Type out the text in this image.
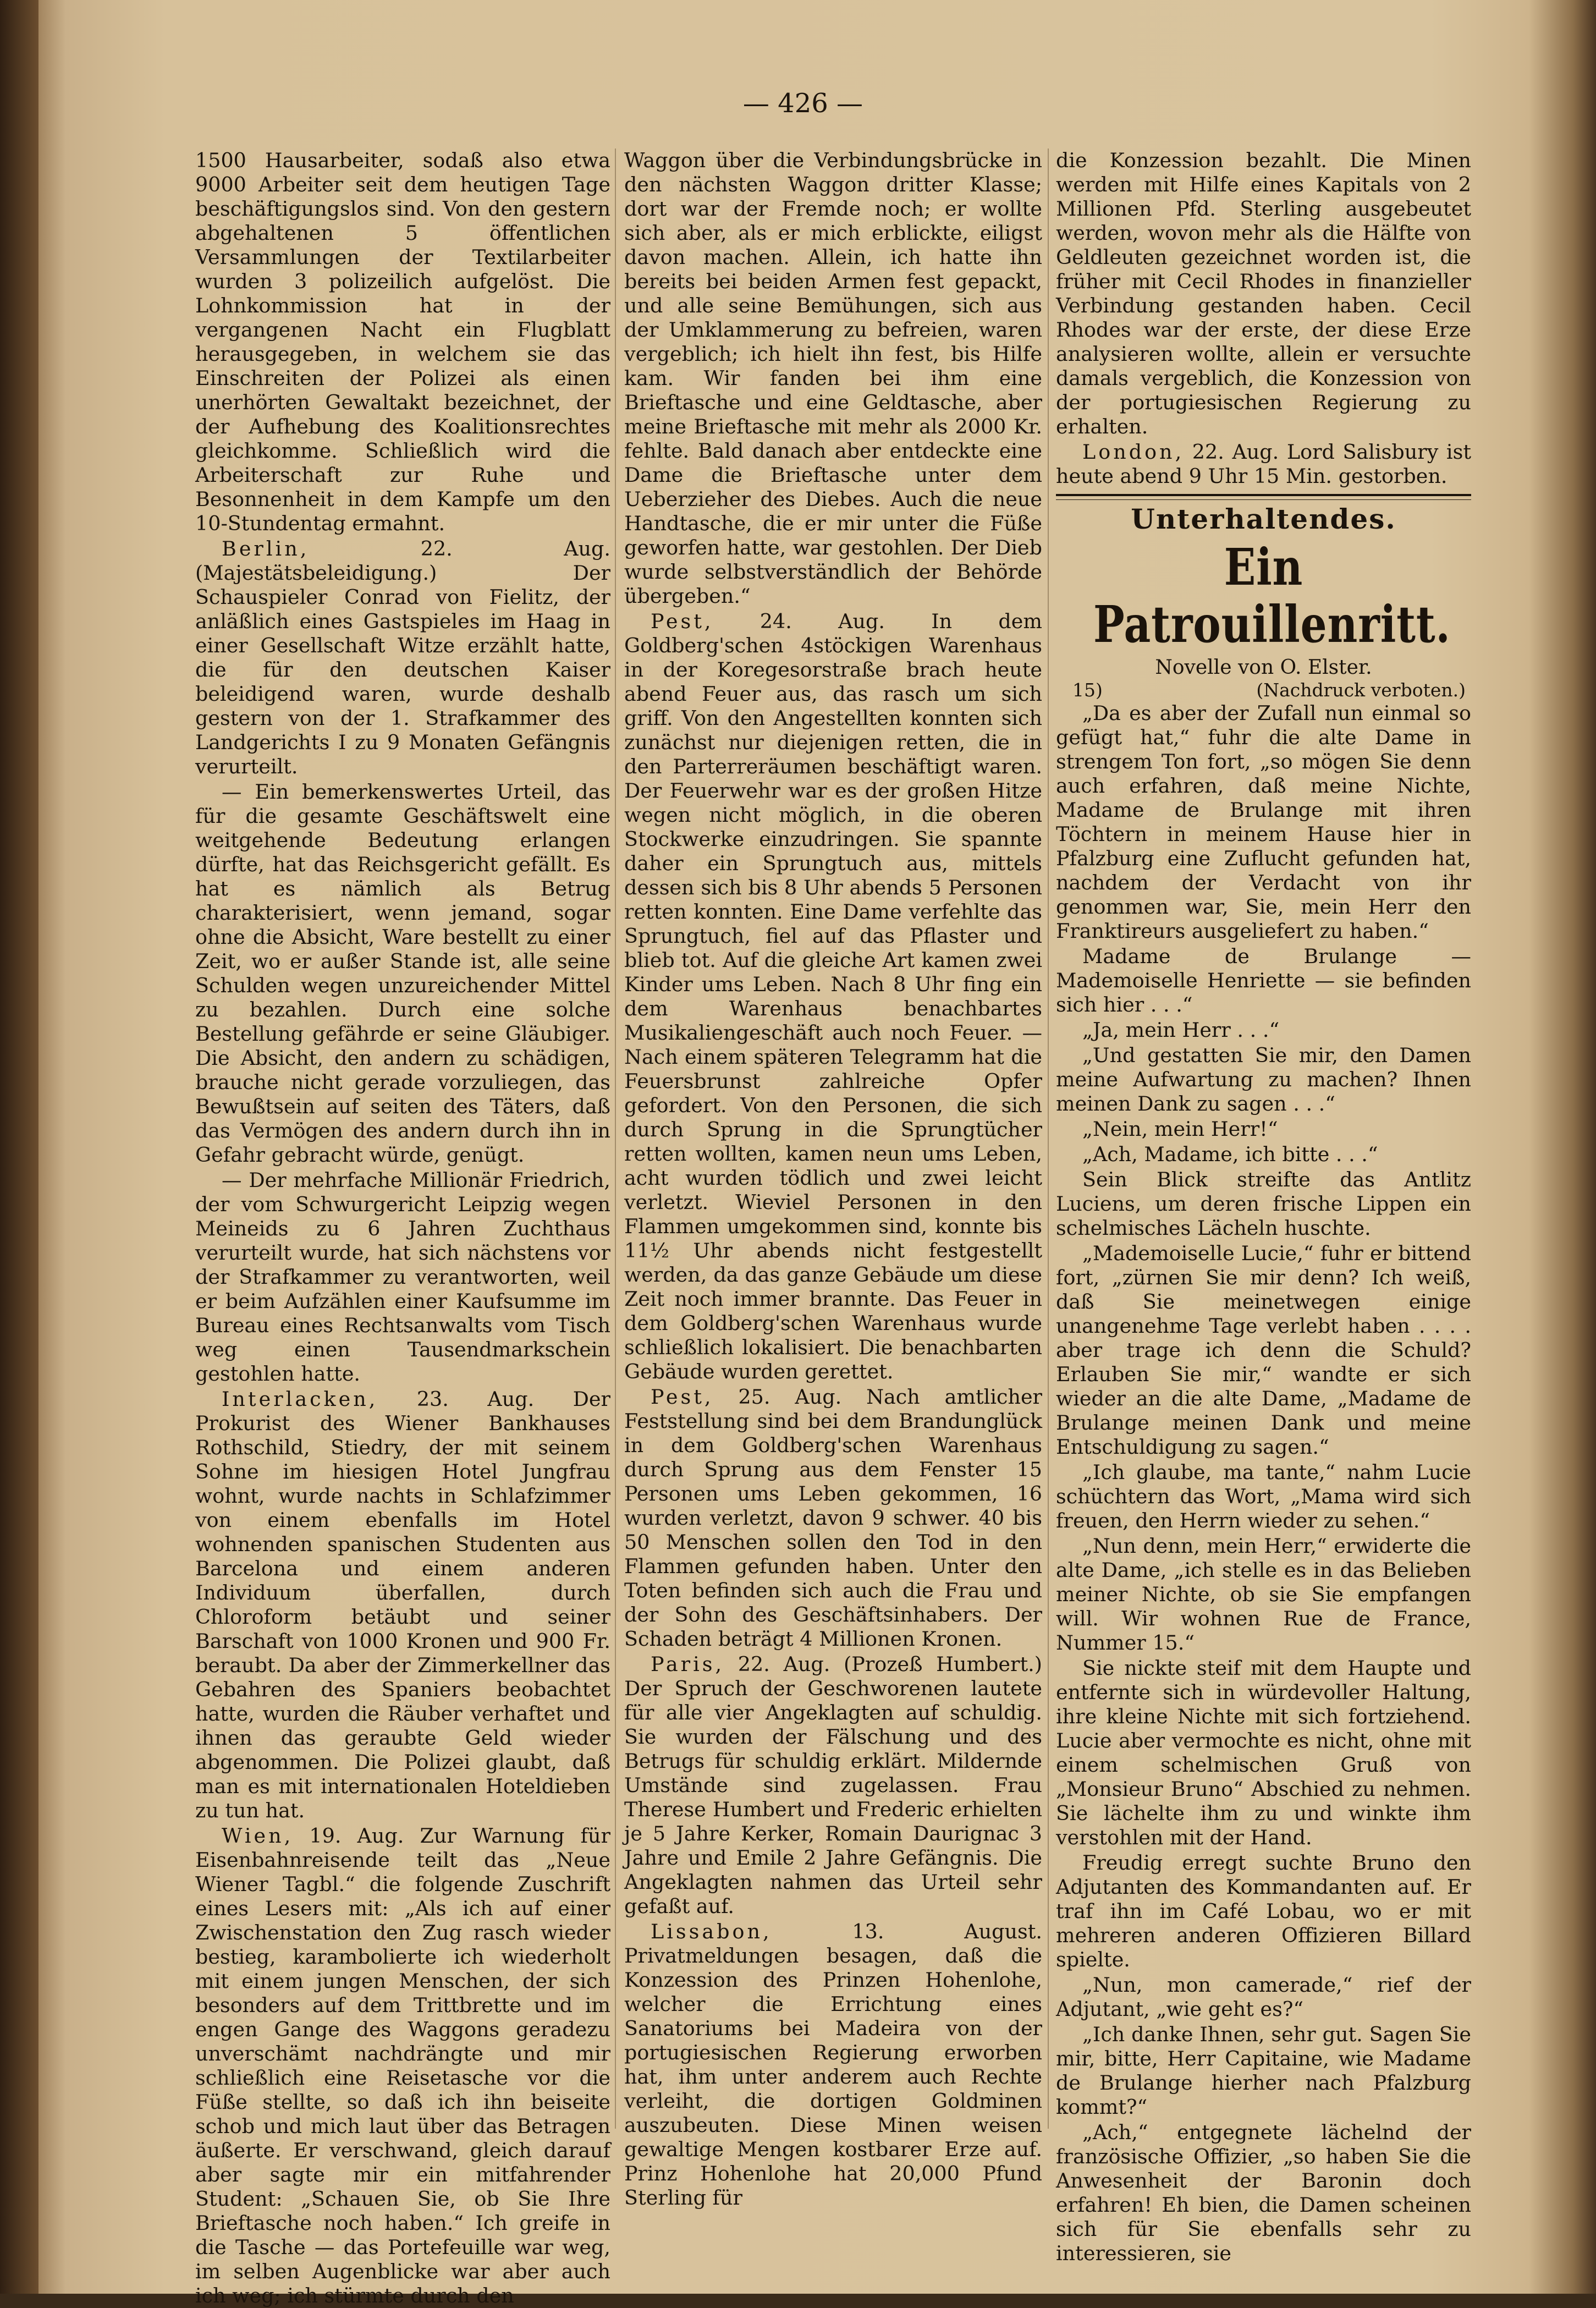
— 426 —

1500 Hausarbeiter, sodaß also etwa 9000 Arbeiter seit dem heutigen Tage beschäftigungslos sind. Von den gestern abgehaltenen 5 öffentlichen Versammlungen der Textilarbeiter wurden 3 polizeilich aufgelöst. Die Lohnkommission hat in der vergangenen Nacht ein Flugblatt herausgegeben, in welchem sie das Einschreiten der Polizei als einen unerhörten Gewaltakt bezeichnet, der der Aufhebung des Koalitionsrechtes gleichkomme. Schließlich wird die Arbeiterschaft zur Ruhe und Besonnenheit in dem Kampfe um den 10-Stundentag ermahnt.

Berlin, 22. Aug. (Majestätsbeleidigung.) Der Schauspieler Conrad von Fielitz, der anläßlich eines Gastspieles im Haag in einer Gesellschaft Witze erzählt hatte, die für den deutschen Kaiser beleidigend waren, wurde deshalb gestern von der 1. Strafkammer des Landgerichts I zu 9 Monaten Gefängnis verurteilt.

— Ein bemerkenswertes Urteil, das für die gesamte Geschäftswelt eine weitgehende Bedeutung erlangen dürfte, hat das Reichsgericht gefällt. Es hat es nämlich als Betrug charakterisiert, wenn jemand, sogar ohne die Absicht, Ware bestellt zu einer Zeit, wo er außer Stande ist, alle seine Schulden wegen unzureichender Mittel zu bezahlen. Durch eine solche Bestellung gefährde er seine Gläubiger. Die Absicht, den andern zu schädigen, brauche nicht gerade vorzuliegen, das Bewußtsein auf seiten des Täters, daß das Vermögen des andern durch ihn in Gefahr gebracht würde, genügt.

— Der mehrfache Millionär Friedrich, der vom Schwurgericht Leipzig wegen Meineids zu 6 Jahren Zuchthaus verurteilt wurde, hat sich nächstens vor der Strafkammer zu verantworten, weil er beim Aufzählen einer Kaufsumme im Bureau eines Rechtsanwalts vom Tisch weg einen Tausendmarkschein gestohlen hatte.

Interlacken, 23. Aug. Der Prokurist des Wiener Bankhauses Rothschild, Stiedry, der mit seinem Sohne im hiesigen Hotel Jungfrau wohnt, wurde nachts in Schlafzimmer von einem ebenfalls im Hotel wohnenden spanischen Studenten aus Barcelona und einem anderen Individuum überfallen, durch Chloroform betäubt und seiner Barschaft von 1000 Kronen und 900 Fr. beraubt. Da aber der Zimmerkellner das Gebahren des Spaniers beobachtet hatte, wurden die Räuber verhaftet und ihnen das geraubte Geld wieder abgenommen. Die Polizei glaubt, daß man es mit internationalen Hoteldieben zu tun hat.

Wien, 19. Aug. Zur Warnung für Eisenbahnreisende teilt das „Neue Wiener Tagbl.“ die folgende Zuschrift eines Lesers mit: „Als ich auf einer Zwischenstation den Zug rasch wieder bestieg, karambolierte ich wiederholt mit einem jungen Menschen, der sich besonders auf dem Trittbrette und im engen Gange des Waggons geradezu unverschämt nachdrängte und mir schließlich eine Reisetasche vor die Füße stellte, so daß ich ihn beiseite schob und mich laut über das Betragen äußerte. Er verschwand, gleich darauf aber sagte mir ein mitfahrender Student: „Schauen Sie, ob Sie Ihre Brieftasche noch haben.“ Ich greife in die Tasche — das Portefeuille war weg, im selben Augenblicke war aber auch ich weg; ich stürmte durch den

Waggon über die Verbindungsbrücke in den nächsten Waggon dritter Klasse; dort war der Fremde noch; er wollte sich aber, als er mich erblickte, eiligst davon machen. Allein, ich hatte ihn bereits bei beiden Armen fest gepackt, und alle seine Bemühungen, sich aus der Umklammerung zu befreien, waren vergeblich; ich hielt ihn fest, bis Hilfe kam. Wir fanden bei ihm eine Brieftasche und eine Geldtasche, aber meine Brieftasche mit mehr als 2000 Kr. fehlte. Bald danach aber entdeckte eine Dame die Brieftasche unter dem Ueberzieher des Diebes. Auch die neue Handtasche, die er mir unter die Füße geworfen hatte, war gestohlen. Der Dieb wurde selbstverständlich der Behörde übergeben.“

Pest, 24. Aug. In dem Goldberg'schen 4stöckigen Warenhaus in der Koregesorstraße brach heute abend Feuer aus, das rasch um sich griff. Von den Angestellten konnten sich zunächst nur diejenigen retten, die in den Parterreräumen beschäftigt waren. Der Feuerwehr war es der großen Hitze wegen nicht möglich, in die oberen Stockwerke einzudringen. Sie spannte daher ein Sprungtuch aus, mittels dessen sich bis 8 Uhr abends 5 Personen retten konnten. Eine Dame verfehlte das Sprungtuch, fiel auf das Pflaster und blieb tot. Auf die gleiche Art kamen zwei Kinder ums Leben. Nach 8 Uhr fing ein dem Warenhaus benachbartes Musikaliengeschäft auch noch Feuer. — Nach einem späteren Telegramm hat die Feuersbrunst zahlreiche Opfer gefordert. Von den Personen, die sich durch Sprung in die Sprungtücher retten wollten, kamen neun ums Leben, acht wurden tödlich und zwei leicht verletzt. Wieviel Personen in den Flammen umgekommen sind, konnte bis 11½ Uhr abends nicht festgestellt werden, da das ganze Gebäude um diese Zeit noch immer brannte. Das Feuer in dem Goldberg'schen Warenhaus wurde schließlich lokalisiert. Die benachbarten Gebäude wurden gerettet.

Pest, 25. Aug. Nach amtlicher Feststellung sind bei dem Brandunglück in dem Goldberg'schen Warenhaus durch Sprung aus dem Fenster 15 Personen ums Leben gekommen, 16 wurden verletzt, davon 9 schwer. 40 bis 50 Menschen sollen den Tod in den Flammen gefunden haben. Unter den Toten befinden sich auch die Frau und der Sohn des Geschäftsinhabers. Der Schaden beträgt 4 Millionen Kronen.

Paris, 22. Aug. (Prozeß Humbert.) Der Spruch der Geschworenen lautete für alle vier Angeklagten auf schuldig. Sie wurden der Fälschung und des Betrugs für schuldig erklärt. Mildernde Umstände sind zugelassen. Frau Therese Humbert und Frederic erhielten je 5 Jahre Kerker, Romain Daurignac 3 Jahre und Emile 2 Jahre Gefängnis. Die Angeklagten nahmen das Urteil sehr gefaßt auf.

Lissabon, 13. August. Privatmeldungen besagen, daß die Konzession des Prinzen Hohenlohe, welcher die Errichtung eines Sanatoriums bei Madeira von der portugiesischen Regierung erworben hat, ihm unter anderem auch Rechte verleiht, die dortigen Goldminen auszubeuten. Diese Minen weisen gewaltige Mengen kostbarer Erze auf. Prinz Hohenlohe hat 20,000 Pfund Sterling für

die Konzession bezahlt. Die Minen werden mit Hilfe eines Kapitals von 2 Millionen Pfd. Sterling ausgebeutet werden, wovon mehr als die Hälfte von Geldleuten gezeichnet worden ist, die früher mit Cecil Rhodes in finanzieller Verbindung gestanden haben. Cecil Rhodes war der erste, der diese Erze analysieren wollte, allein er versuchte damals vergeblich, die Konzession von der portugiesischen Regierung zu erhalten.

London, 22. Aug. Lord Salisbury ist heute abend 9 Uhr 15 Min. gestorben.

Unterhaltendes.
Ein Patrouillenritt.
Novelle von O. Elster.
15)	(Nachdruck verboten.)

„Da es aber der Zufall nun einmal so gefügt hat,“ fuhr die alte Dame in strengem Ton fort, „so mögen Sie denn auch erfahren, daß meine Nichte, Madame de Brulange mit ihren Töchtern in meinem Hause hier in Pfalzburg eine Zuflucht gefunden hat, nachdem der Verdacht von ihr genommen war, Sie, mein Herr den Franktireurs ausgeliefert zu haben.“

Madame de Brulange — Mademoiselle Henriette — sie befinden sich hier . . .“

„Ja, mein Herr . . .“

„Und gestatten Sie mir, den Damen meine Aufwartung zu machen? Ihnen meinen Dank zu sagen . . .“

„Nein, mein Herr!“

„Ach, Madame, ich bitte . . .“

Sein Blick streifte das Antlitz Luciens, um deren frische Lippen ein schelmisches Lächeln huschte.

„Mademoiselle Lucie,“ fuhr er bittend fort, „zürnen Sie mir denn? Ich weiß, daß Sie meinetwegen einige unangenehme Tage verlebt haben . . . . aber trage ich denn die Schuld? Erlauben Sie mir,“ wandte er sich wieder an die alte Dame, „Madame de Brulange meinen Dank und meine Entschuldigung zu sagen.“

„Ich glaube, ma tante,“ nahm Lucie schüchtern das Wort, „Mama wird sich freuen, den Herrn wieder zu sehen.“

„Nun denn, mein Herr,“ erwiderte die alte Dame, „ich stelle es in das Belieben meiner Nichte, ob sie Sie empfangen will. Wir wohnen Rue de France, Nummer 15.“

Sie nickte steif mit dem Haupte und entfernte sich in würdevoller Haltung, ihre kleine Nichte mit sich fortziehend. Lucie aber vermochte es nicht, ohne mit einem schelmischen Gruß von „Monsieur Bruno“ Abschied zu nehmen. Sie lächelte ihm zu und winkte ihm verstohlen mit der Hand.

Freudig erregt suchte Bruno den Adjutanten des Kommandanten auf. Er traf ihn im Café Lobau, wo er mit mehreren anderen Offizieren Billard spielte.

„Nun, mon camerade,“ rief der Adjutant, „wie geht es?“

„Ich danke Ihnen, sehr gut. Sagen Sie mir, bitte, Herr Capitaine, wie Madame de Brulange hierher nach Pfalzburg kommt?“

„Ach,“ entgegnete lächelnd der französische Offizier, „so haben Sie die Anwesenheit der Baronin doch erfahren! Eh bien, die Damen scheinen sich für Sie ebenfalls sehr zu interessieren, sie
